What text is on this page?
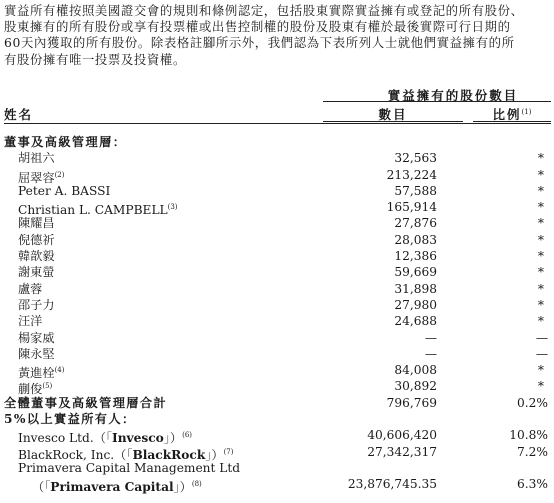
實益所有權按照美國證交會的規則和條例認定，包括股東實際實益擁有或登記的所有股份、
股東擁有的所有股份或享有投票權或出售控制權的股份及股東有權於最後實際可行日期的
60天內獲取的所有股份。除表格註腳所示外，我們認為下表所列人士就他們實益擁有的所
有股份擁有唯一投票及投資權。
實益擁有的股份數目
姓名	數目	比例$^{(1)}$
董事及高級管理層：
胡祖六	32,563	*
屈翠容$^{(2)}$	213,224	*
Peter A. BASSI	57,588	*
Christian L. CAMPBELL$^{(3)}$	165,914	*
陳耀昌	27,876	*
倪德祈	28,083	*
韓歆毅	12,386	*
謝東螢	59,669	*
盧蓉	31,898	*
邵子力	27,980	*
汪洋	24,688	*
楊家威	—	—
陳永堅	—	—
黃進栓$^{(4)}$	84,008	*
蒯俊$^{(5)}$	30,892	*
全體董事及高級管理層合計	796,769	0.2%
5%以上實益所有人：
Invesco Ltd.（「Invesco」）$^{(6)}$	40,606,420	10.8%
BlackRock, Inc.（「BlackRock」）$^{(7)}$	27,342,317	7.2%
Primavera Capital Management Ltd
（「Primavera Capital」）$^{(8)}$	23,876,745.35	6.3%
